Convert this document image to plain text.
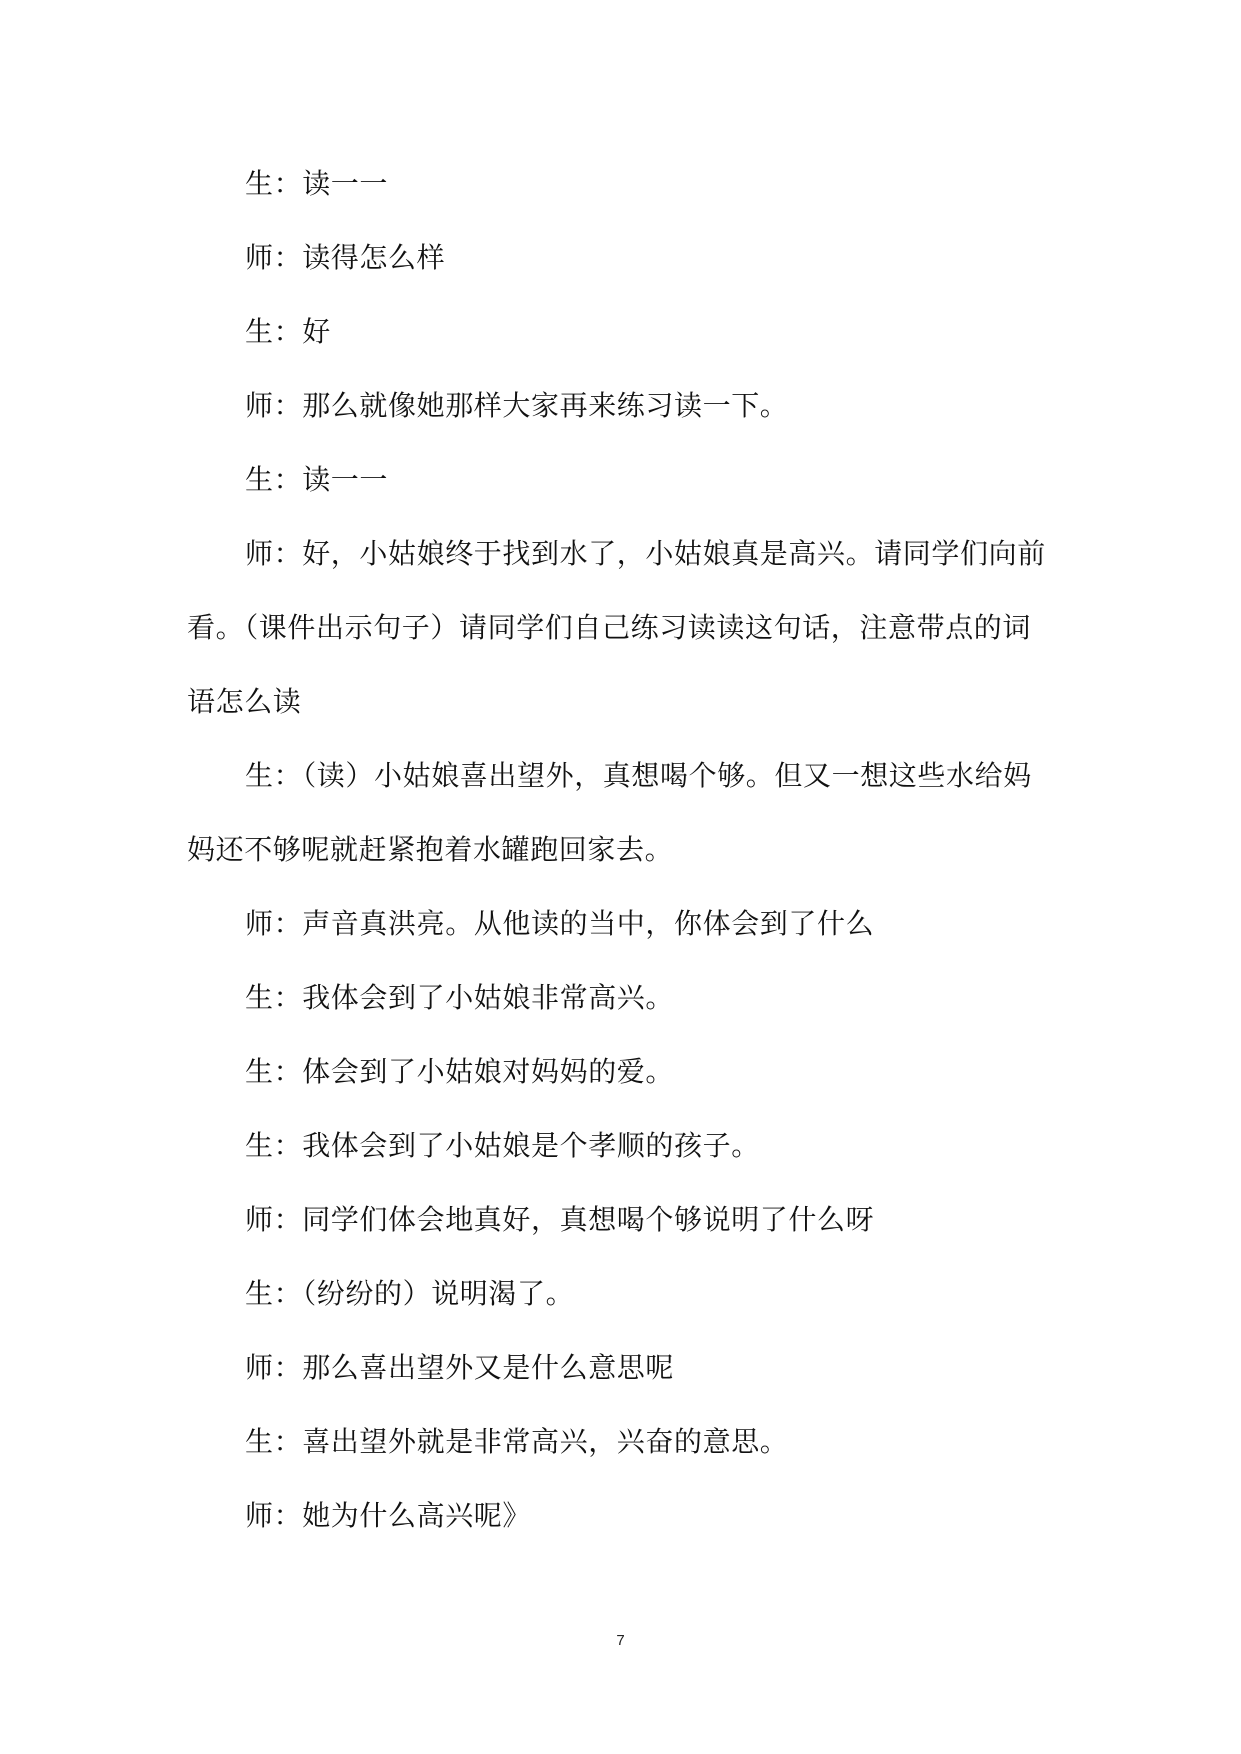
生：读一一

师：读得怎么样

生：好

师：那么就像她那样大家再来练习读一下。

生：读一一

师：好，小姑娘终于找到水了，小姑娘真是高兴。请同学们向前看。（课件出示句子）请同学们自己练习读读这句话，注意带点的词语怎么读

生：（读）小姑娘喜出望外，真想喝个够。但又一想这些水给妈妈还不够呢就赶紧抱着水罐跑回家去。

师：声音真洪亮。从他读的当中，你体会到了什么

生：我体会到了小姑娘非常高兴。

生：体会到了小姑娘对妈妈的爱。

生：我体会到了小姑娘是个孝顺的孩子。

师：同学们体会地真好，真想喝个够说明了什么呀

生：（纷纷的）说明渴了。

师：那么喜出望外又是什么意思呢

生：喜出望外就是非常高兴，兴奋的意思。

师：她为什么高兴呢》

7
